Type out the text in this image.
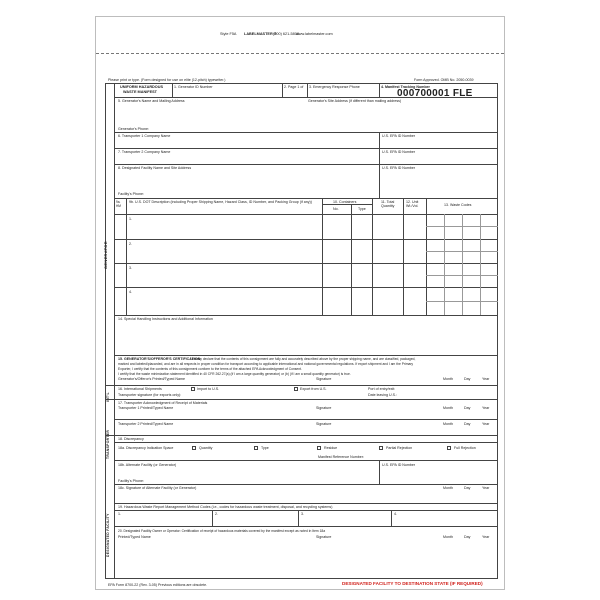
Style F5A LABELMASTER ®
(800) 621-5808
www.labelmaster.com
Please print or type. (Form designed for use on elite (12-pitch) typewriter.)	Form Approved. OMB No. 2050-0039
GENERATOR
INT'L
TRANSPORTER
DESIGNATED FACILITY
UNIFORM HAZARDOUS
WASTE MANIFEST
1. Generator ID Number	2. Page 1 of 3. Emergency Response Phone	4. Manifest Tracking Number
000700001 FLE
5. Generator's Name and Mailing Address	Generator's Site Address (if different than mailing address)
Generator's Phone:
6. Transporter 1 Company Name	U.S. EPA ID Number
7. Transporter 2 Company Name	U.S. EPA ID Number
8. Designated Facility Name and Site Address	U.S. EPA ID Number
Facility's Phone:
9a. HM
9b. U.S. DOT Description (including Proper Shipping Name, Hazard Class, ID Number, and Packing Group (if any))	10. Containers
No.	Type
11. Total Quantity
12. Unit Wt./Vol.	13. Waste Codes
1.
2.
3.
4.
14. Special Handling Instructions and Additional Information
15. GENERATOR'S/OFFEROR'S CERTIFICATION:
I hereby declare that the contents of this consignment are fully and accurately described above by the proper shipping name, and are classified, packaged,
marked and labeled/placarded, and are in all respects in proper condition for transport according to applicable international and national governmental regulations. If export shipment and I am the Primary
Exporter, I certify that the contents of this consignment conform to the terms of the attached EPA Acknowledgment of Consent.
I certify that the waste minimization statement identified in 40 CFR 262.27(a) (if I am a large quantity generator) or (b) (if I am a small quantity generator) is true.
Generator's/Offeror's Printed/Typed Name	Signature	Month	Day	Year
16. International Shipments	Import to U.S.	Export from U.S.	Port of entry/exit:
Transporter signature (for exports only):	Date leaving U.S.:
17. Transporter Acknowledgment of Receipt of Materials
Transporter 1 Printed/Typed Name	Signature	Month	Day	Year
Transporter 2 Printed/Typed Name	Signature	Month	Day	Year
18. Discrepancy
18a. Discrepancy Indication Space	Quantity	Type	Residue	Partial Rejection	Full Rejection
Manifest Reference Number:
18b. Alternate Facility (or Generator)	U.S. EPA ID Number
Facility's Phone:
18c. Signature of Alternate Facility (or Generator)	Month	Day	Year
19. Hazardous Waste Report Management Method Codes (i.e., codes for hazardous waste treatment, disposal, and recycling systems)
1.	2.	3.	4.
20. Designated Facility Owner or Operator: Certification of receipt of hazardous materials covered by the manifest except as noted in Item 18a
Printed/Typed Name	Signature	Month	Day	Year
EPA Form 8700-22 (Rev. 3-05) Previous editions are obsolete.	DESIGNATED FACILITY TO DESTINATION STATE (IF REQUIRED)
